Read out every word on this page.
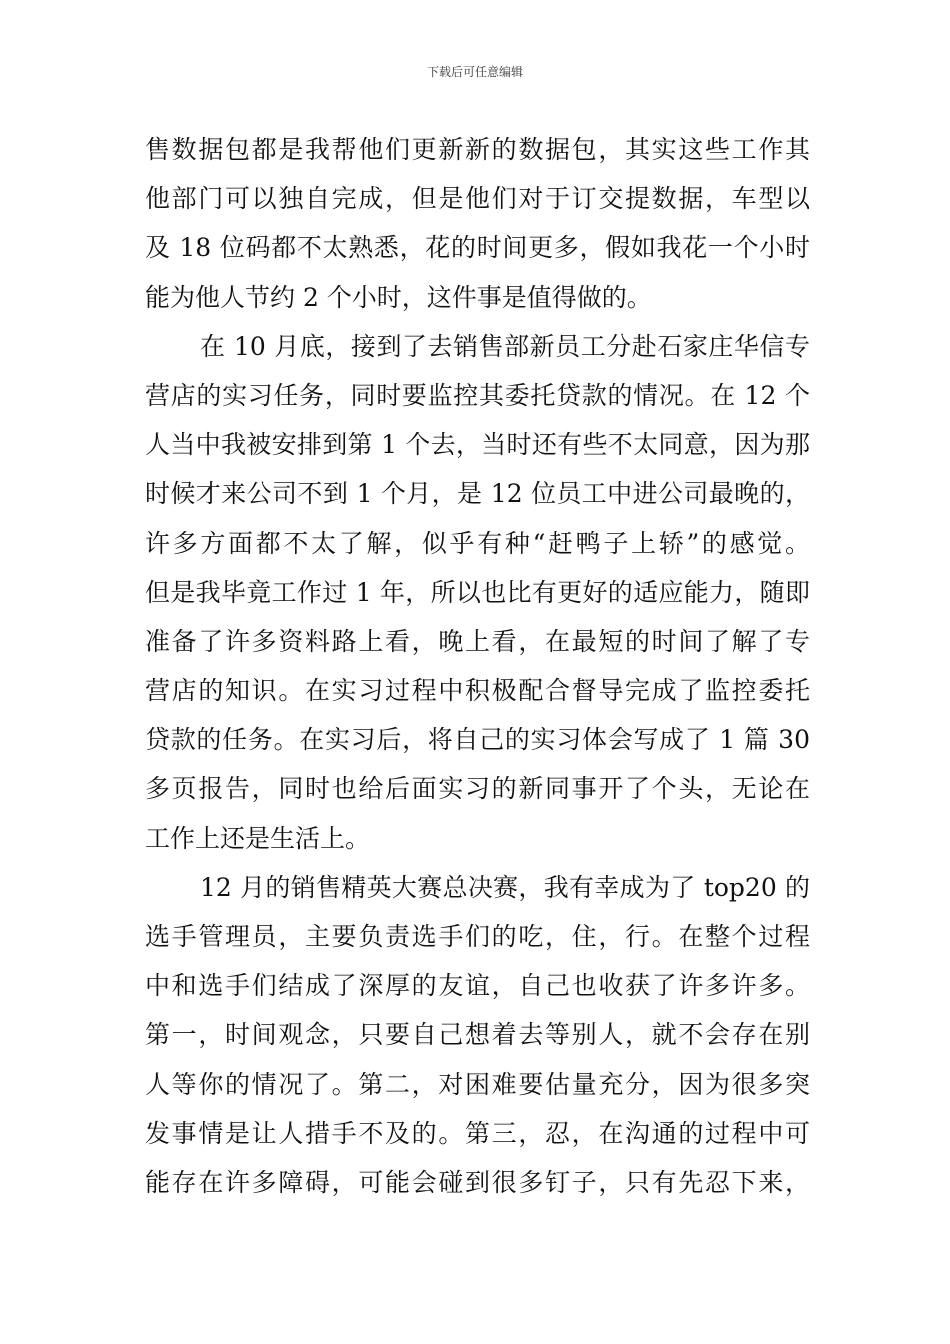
下载后可任意编辑
售数据包都是我帮他们更新新的数据包，其实这些工作其
他部门可以独自完成，但是他们对于订交提数据，车型以
及 18 位码都不太熟悉，花的时间更多，假如我花一个小时
能为他人节约 2 个小时，这件事是值得做的。
在 10 月底，接到了去销售部新员工分赴石家庄华信专
营店的实习任务，同时要监控其委托贷款的情况。在 12 个
人当中我被安排到第 1 个去，当时还有些不太同意，因为那
时候才来公司不到 1 个月，是 12 位员工中进公司最晚的，
许多方面都不太了解，似乎有种“赶鸭子上轿”的感觉。
但是我毕竟工作过 1 年，所以也比有更好的适应能力，随即
准备了许多资料路上看，晚上看，在最短的时间了解了专
营店的知识。在实习过程中积极配合督导完成了监控委托
贷款的任务。在实习后，将自己的实习体会写成了 1 篇 30
多页报告，同时也给后面实习的新同事开了个头，无论在
工作上还是生活上。
12 月的销售精英大赛总决赛，我有幸成为了 top20 的
选手管理员，主要负责选手们的吃，住，行。在整个过程
中和选手们结成了深厚的友谊，自己也收获了许多许多。
第一，时间观念，只要自己想着去等别人，就不会存在别
人等你的情况了。第二，对困难要估量充分，因为很多突
发事情是让人措手不及的。第三，忍，在沟通的过程中可
能存在许多障碍，可能会碰到很多钉子，只有先忍下来，
